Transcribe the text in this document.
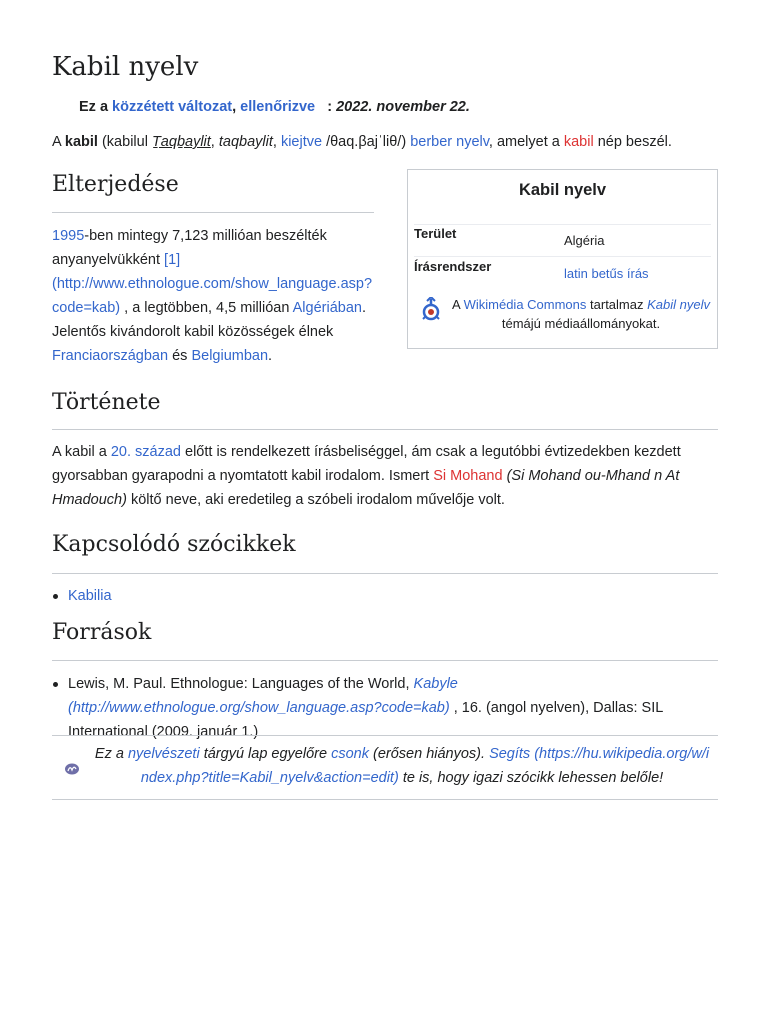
Kabil nyelv
Ez a közzétett változat, ellenőrizve : 2022. november 22.
A kabil (kabilul Ṯaqḇaylit, taqbaylit, kiejtve /θaq.βajˈliθ/) berber nyelv, amelyet a kabil nép beszél.
Elterjedése
1995-ben mintegy 7,123 millióan beszélték anyanyelvükként [1] (http://www.ethnologue.com/show_language.asp?code=kab) , a legtöbben, 4,5 millióan Algériában. Jelentős kivándorolt kabil közösségek élnek Franciaországban és Belgiumban.
Története
A kabil a 20. század előtt is rendelkezett írásbeliséggel, ám csak a legutóbbi évtizedekben kezdett gyorsabban gyarapodni a nyomtatott kabil irodalom. Ismert Si Mohand (Si Mohand ou-Mhand n At Hmadouch) költő neve, aki eredetileg a szóbeli irodalom művelője volt.
Kapcsolódó szócikkek
Kabilia
Források
Lewis, M. Paul. Ethnologue: Languages of the World, Kabyle (http://www.ethnologue.org/show_language.asp?code=kab) , 16. (angol nyelven), Dallas: SIL International (2009. január 1.)
Kabil nyelv
Terület	Algéria
Írásrendszer	latin betűs írás
A Wikimédia Commons tartalmaz Kabil nyelv témájú médiaállományokat.
Ez a nyelvészeti tárgyú lap egyelőre csonk (erősen hiányos). Segíts (https://hu.wikipedia.org/w/index.php?title=Kabil_nyelv&action=edit) te is, hogy igazi szócikk lehessen belőle!
